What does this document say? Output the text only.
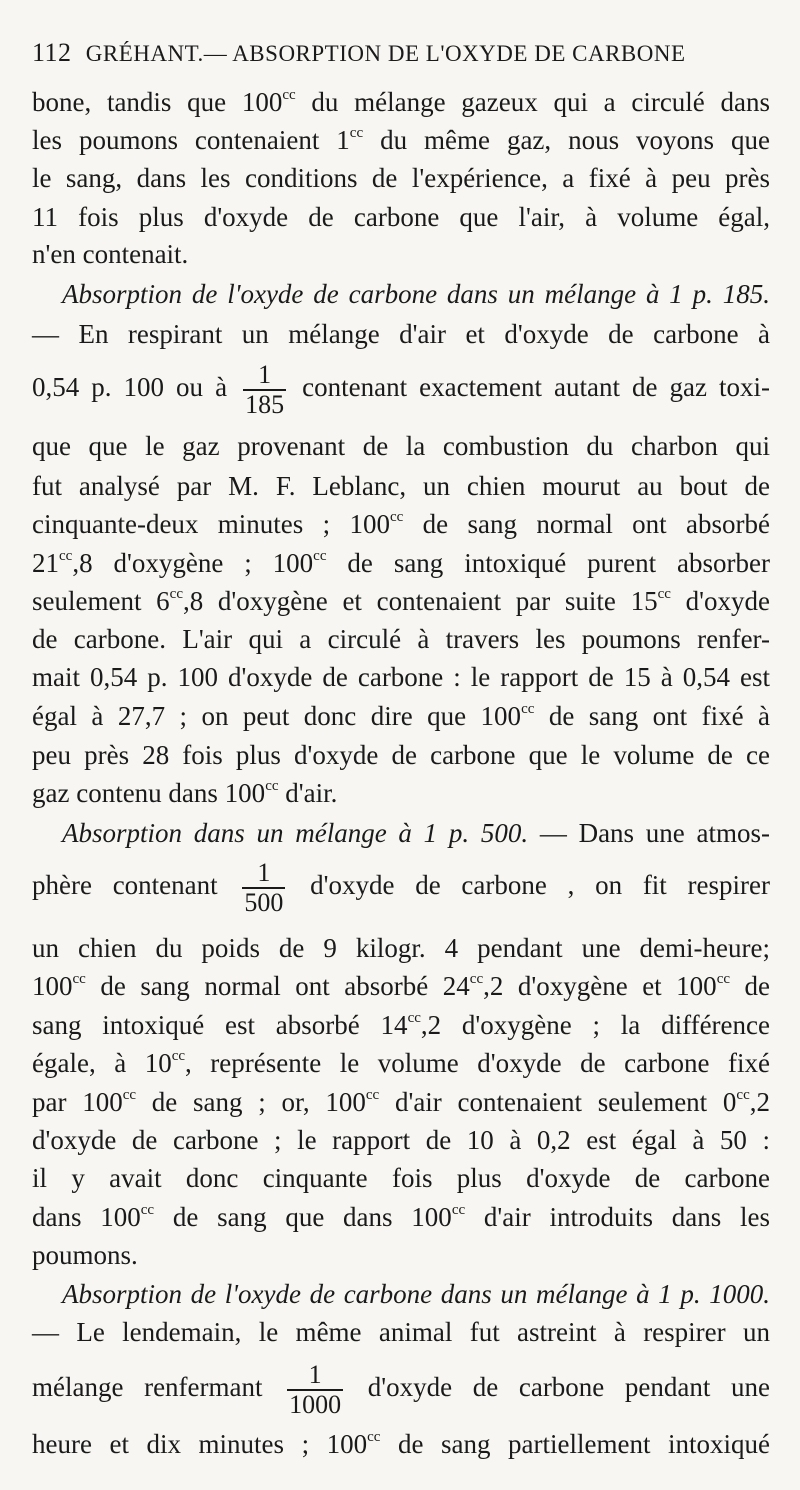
112 GRÉHANT.— ABSORPTION DE L'OXYDE DE CARBONE
bone, tandis que $100^{cc}$ du mélange gazeux qui a circulé dans
les poumons contenaient $1^{cc}$ du même gaz, nous voyons que
le sang, dans les conditions de l'expérience, a fixé à peu près
11 fois plus d'oxyde de carbone que l'air, à volume égal,
n'en contenait.
Absorption de l'oxyde de carbone dans un mélange à 1 p. 185.
— En respirant un mélange d'air et d'oxyde de carbone à
0,54 p. 100 ou à $\frac{1}{185}$ contenant exactement autant de gaz toxi-
que que le gaz provenant de la combustion du charbon qui
fut analysé par M. F. Leblanc, un chien mourut au bout de
cinquante-deux minutes ; $100^{cc}$ de sang normal ont absorbé
$21^{cc},8$ d'oxygène ; $100^{cc}$ de sang intoxiqué purent absorber
seulement $6^{cc},8$ d'oxygène et contenaient par suite $15^{cc}$ d'oxyde
de carbone. L'air qui a circulé à travers les poumons renfer-
mait 0,54 p. 100 d'oxyde de carbone : le rapport de 15 à 0,54 est
égal à 27,7 ; on peut donc dire que $100^{cc}$ de sang ont fixé à
peu près 28 fois plus d'oxyde de carbone que le volume de ce
gaz contenu dans $100^{cc}$ d'air.
Absorption dans un mélange à 1 p. 500. — Dans une atmos-
phère contenant $\frac{1}{500}$ d'oxyde de carbone , on fit respirer
un chien du poids de 9 kilogr. 4 pendant une demi-heure;
$100^{cc}$ de sang normal ont absorbé $24^{cc},2$ d'oxygène et $100^{cc}$ de
sang intoxiqué est absorbé $14^{cc},2$ d'oxygène ; la différence
égale, à $10^{cc}$, représente le volume d'oxyde de carbone fixé
par $100^{cc}$ de sang ; or, $100^{cc}$ d'air contenaient seulement $0^{cc},2$
d'oxyde de carbone ; le rapport de 10 à 0,2 est égal à 50 :
il y avait donc cinquante fois plus d'oxyde de carbone
dans $100^{cc}$ de sang que dans $100^{cc}$ d'air introduits dans les
poumons.
Absorption de l'oxyde de carbone dans un mélange à 1 p. 1000.
— Le lendemain, le même animal fut astreint à respirer un
mélange renfermant $\frac{1}{1000}$ d'oxyde de carbone pendant une
heure et dix minutes ; $100^{cc}$ de sang partiellement intoxiqué
